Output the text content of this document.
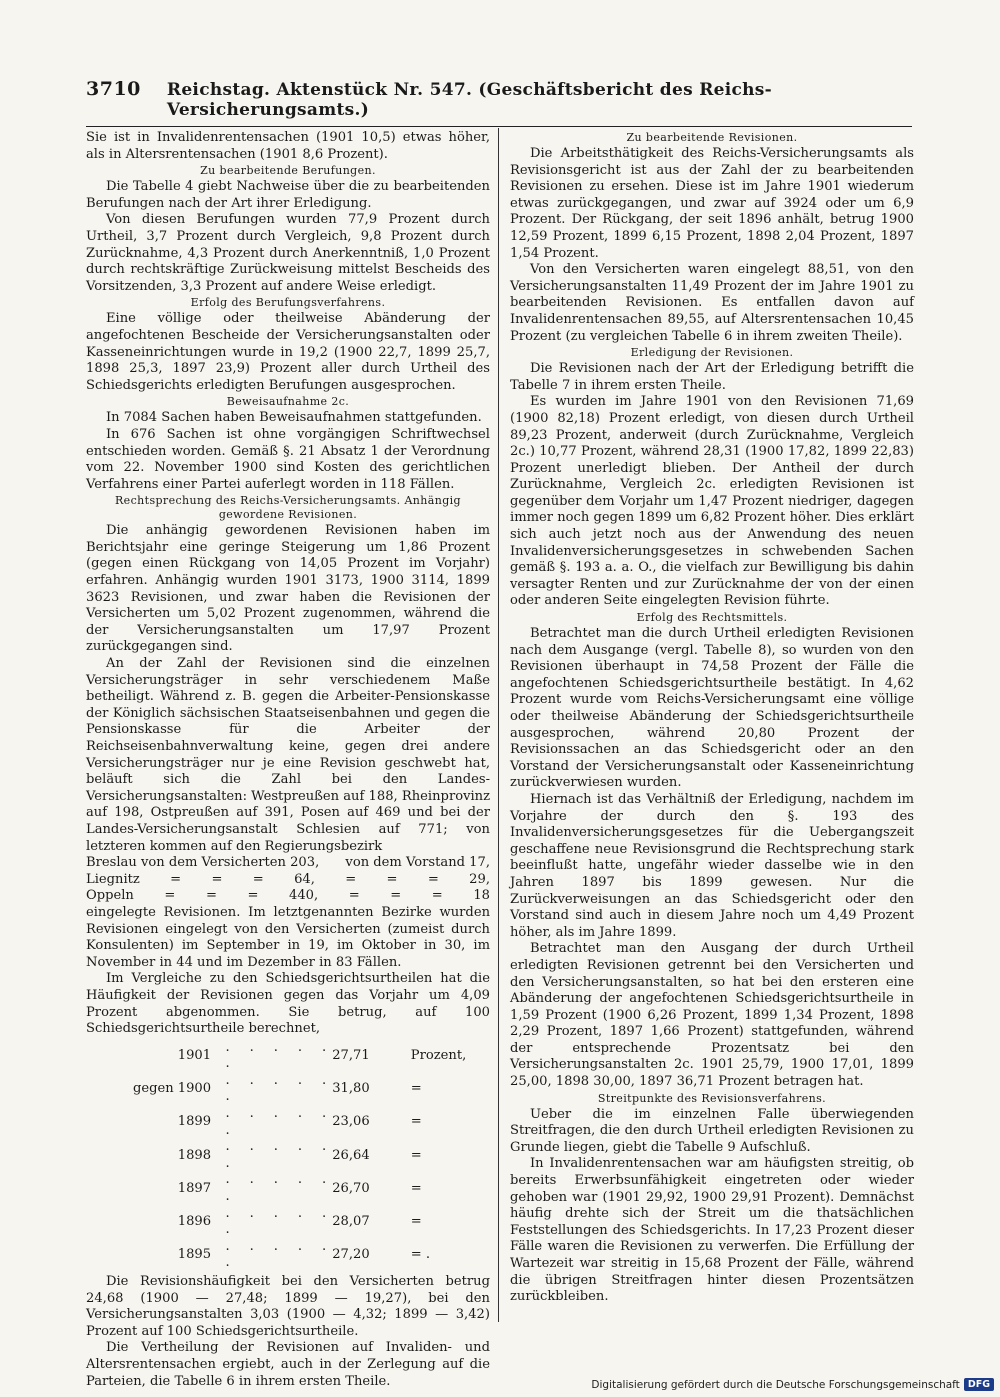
3710 Reichstag. Aktenstück Nr. 547. (Geschäftsbericht des Reichs-Versicherungsamts.)

Sie ist in Invalidenrentensachen (1901 10,5) etwas höher, als in Altersrentensachen (1901 8,6 Prozent).

Zu bearbeitende Berufungen.

Die Tabelle 4 giebt Nachweise über die zu bearbeitenden Berufungen nach der Art ihrer Erledigung.

Von diesen Berufungen wurden 77,9 Prozent durch Urtheil, 3,7 Prozent durch Vergleich, 9,8 Prozent durch Zurücknahme, 4,3 Prozent durch Anerkenntniß, 1,0 Prozent durch rechtskräftige Zurückweisung mittelst Bescheids des Vorsitzenden, 3,3 Prozent auf andere Weise erledigt.

Erfolg des Berufungsverfahrens.

Eine völlige oder theilweise Abänderung der angefochtenen Bescheide der Versicherungsanstalten oder Kasseneinrichtungen wurde in 19,2 (1900 22,7, 1899 25,7, 1898 25,3, 1897 23,9) Prozent aller durch Urtheil des Schiedsgerichts erledigten Berufungen ausgesprochen.

Beweisaufnahme 2c.

In 7084 Sachen haben Beweisaufnahmen stattgefunden.

In 676 Sachen ist ohne vorgängigen Schriftwechsel entschieden worden. Gemäß §. 21 Absatz 1 der Verordnung vom 22. November 1900 sind Kosten des gerichtlichen Verfahrens einer Partei auferlegt worden in 118 Fällen.

Rechtsprechung des Reichs-Versicherungsamts. Anhängig gewordene Revisionen.

Die anhängig gewordenen Revisionen haben im Berichtsjahr eine geringe Steigerung um 1,86 Prozent (gegen einen Rückgang von 14,05 Prozent im Vorjahr) erfahren. Anhängig wurden 1901 3173, 1900 3114, 1899 3623 Revisionen, und zwar haben die Revisionen der Versicherten um 5,02 Prozent zugenommen, während die der Versicherungsanstalten um 17,97 Prozent zurückgegangen sind.

An der Zahl der Revisionen sind die einzelnen Versicherungsträger in sehr verschiedenem Maße betheiligt. Während z. B. gegen die Arbeiter-Pensionskasse der Königlich sächsischen Staatseisenbahnen und gegen die Pensionskasse für die Arbeiter der Reichseisenbahnverwaltung keine, gegen drei andere Versicherungsträger nur je eine Revision geschwebt hat, beläuft sich die Zahl bei den Landes-Versicherungsanstalten: Westpreußen auf 188, Rheinprovinz auf 198, Ostpreußen auf 391, Posen auf 469 und bei der Landes-Versicherungsanstalt Schlesien auf 771; von letzteren kommen auf den Regierungsbezirk

Breslau von dem Versicherten 203, von dem Vorstand 17,
Liegnitz = = = 64, = = = 29,
Oppeln = = = 440, = = = 18

eingelegte Revisionen. Im letztgenannten Bezirke wurden Revisionen eingelegt von den Versicherten (zumeist durch Konsulenten) im September in 19, im Oktober in 30, im November in 44 und im Dezember in 83 Fällen.

Im Vergleiche zu den Schiedsgerichtsurtheilen hat die Häufigkeit der Revisionen gegen das Vorjahr um 4,09 Prozent abgenommen. Sie betrug, auf 100 Schiedsgerichtsurtheile berechnet,

	1901	. . . . . .	27,71	Prozent,
gegen	1900	. . . . . .	31,80	=
	1899	. . . . . .	23,06	=
	1898	. . . . . .	26,64	=
	1897	. . . . . .	26,70	=
	1896	. . . . . .	28,07	=
	1895	. . . . . .	27,20	= .

Die Revisionshäufigkeit bei den Versicherten betrug 24,68 (1900 — 27,48; 1899 — 19,27), bei den Versicherungsanstalten 3,03 (1900 — 4,32; 1899 — 3,42) Prozent auf 100 Schiedsgerichtsurtheile.

Die Vertheilung der Revisionen auf Invaliden- und Altersrentensachen ergiebt, auch in der Zerlegung auf die Parteien, die Tabelle 6 in ihrem ersten Theile.

Zu bearbeitende Revisionen.

Die Arbeitsthätigkeit des Reichs-Versicherungsamts als Revisionsgericht ist aus der Zahl der zu bearbeitenden Revisionen zu ersehen. Diese ist im Jahre 1901 wiederum etwas zurückgegangen, und zwar auf 3924 oder um 6,9 Prozent. Der Rückgang, der seit 1896 anhält, betrug 1900 12,59 Prozent, 1899 6,15 Prozent, 1898 2,04 Prozent, 1897 1,54 Prozent.

Von den Versicherten waren eingelegt 88,51, von den Versicherungsanstalten 11,49 Prozent der im Jahre 1901 zu bearbeitenden Revisionen. Es entfallen davon auf Invalidenrentensachen 89,55, auf Altersrentensachen 10,45 Prozent (zu vergleichen Tabelle 6 in ihrem zweiten Theile).

Erledigung der Revisionen.

Die Revisionen nach der Art der Erledigung betrifft die Tabelle 7 in ihrem ersten Theile.

Es wurden im Jahre 1901 von den Revisionen 71,69 (1900 82,18) Prozent erledigt, von diesen durch Urtheil 89,23 Prozent, anderweit (durch Zurücknahme, Vergleich 2c.) 10,77 Prozent, während 28,31 (1900 17,82, 1899 22,83) Prozent unerledigt blieben. Der Antheil der durch Zurücknahme, Vergleich 2c. erledigten Revisionen ist gegenüber dem Vorjahr um 1,47 Prozent niedriger, dagegen immer noch gegen 1899 um 6,82 Prozent höher. Dies erklärt sich auch jetzt noch aus der Anwendung des neuen Invalidenversicherungsgesetzes in schwebenden Sachen gemäß §. 193 a. a. O., die vielfach zur Bewilligung bis dahin versagter Renten und zur Zurücknahme der von der einen oder anderen Seite eingelegten Revision führte.

Erfolg des Rechtsmittels.

Betrachtet man die durch Urtheil erledigten Revisionen nach dem Ausgange (vergl. Tabelle 8), so wurden von den Revisionen überhaupt in 74,58 Prozent der Fälle die angefochtenen Schiedsgerichtsurtheile bestätigt. In 4,62 Prozent wurde vom Reichs-Versicherungsamt eine völlige oder theilweise Abänderung der Schiedsgerichtsurtheile ausgesprochen, während 20,80 Prozent der Revisionssachen an das Schiedsgericht oder an den Vorstand der Versicherungsanstalt oder Kasseneinrichtung zurückverwiesen wurden.

Hiernach ist das Verhältniß der Erledigung, nachdem im Vorjahre der durch den §. 193 des Invalidenversicherungsgesetzes für die Uebergangszeit geschaffene neue Revisionsgrund die Rechtsprechung stark beeinflußt hatte, ungefähr wieder dasselbe wie in den Jahren 1897 bis 1899 gewesen. Nur die Zurückverweisungen an das Schiedsgericht oder den Vorstand sind auch in diesem Jahre noch um 4,49 Prozent höher, als im Jahre 1899.

Betrachtet man den Ausgang der durch Urtheil erledigten Revisionen getrennt bei den Versicherten und den Versicherungsanstalten, so hat bei den ersteren eine Abänderung der angefochtenen Schiedsgerichtsurtheile in 1,59 Prozent (1900 6,26 Prozent, 1899 1,34 Prozent, 1898 2,29 Prozent, 1897 1,66 Prozent) stattgefunden, während der entsprechende Prozentsatz bei den Versicherungsanstalten 2c. 1901 25,79, 1900 17,01, 1899 25,00, 1898 30,00, 1897 36,71 Prozent betragen hat.

Streitpunkte des Revisionsverfahrens.

Ueber die im einzelnen Falle überwiegenden Streitfragen, die den durch Urtheil erledigten Revisionen zu Grunde liegen, giebt die Tabelle 9 Aufschluß.

In Invalidenrentensachen war am häufigsten streitig, ob bereits Erwerbsunfähigkeit eingetreten oder wieder gehoben war (1901 29,92, 1900 29,91 Prozent). Demnächst häufig drehte sich der Streit um die thatsächlichen Feststellungen des Schiedsgerichts. In 17,23 Prozent dieser Fälle waren die Revisionen zu verwerfen. Die Erfüllung der Wartezeit war streitig in 15,68 Prozent der Fälle, während die übrigen Streitfragen hinter diesen Prozentsätzen zurückbleiben.

Digitalisierung gefördert durch die Deutsche Forschungsgemeinschaft DFG
